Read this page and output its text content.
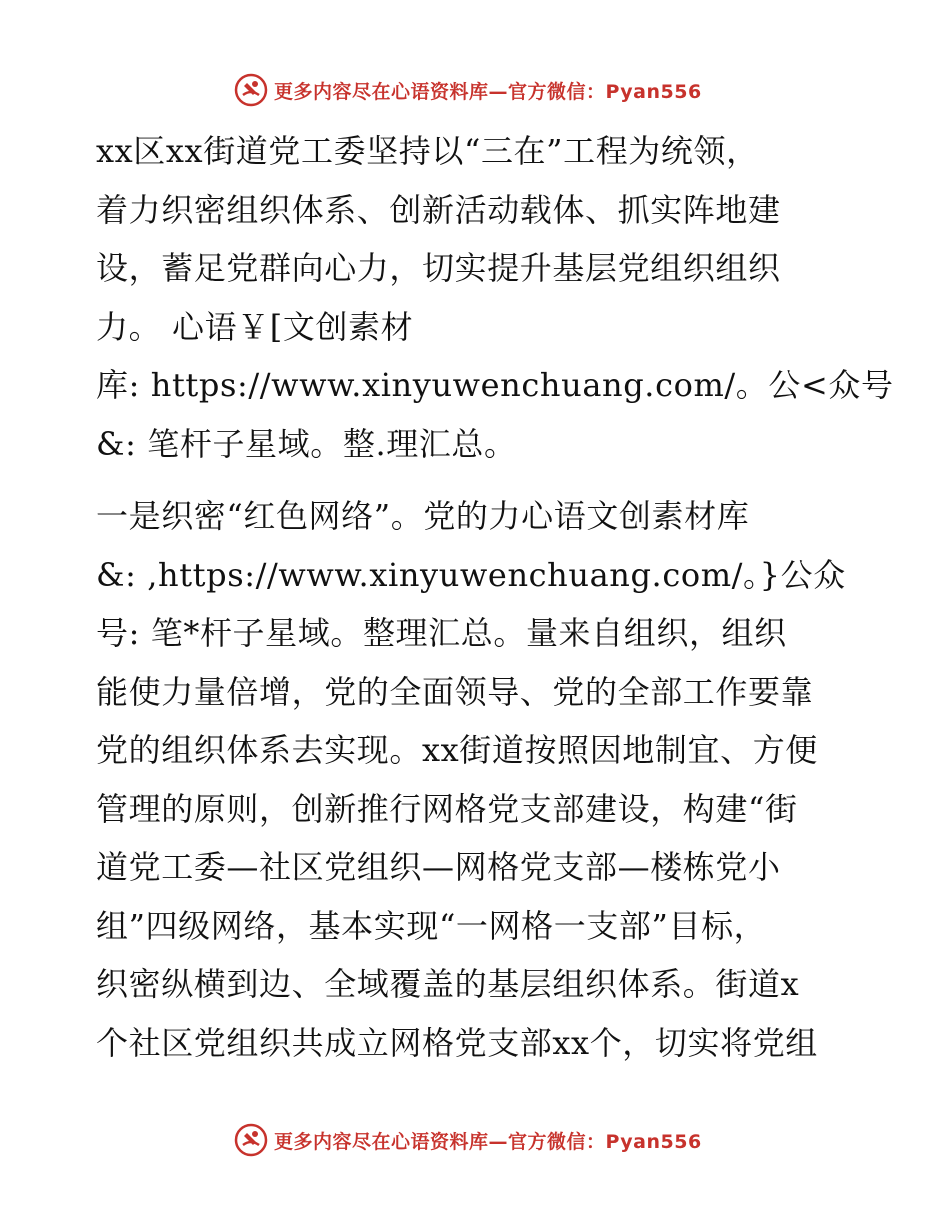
更多内容尽在心语资料库—官方微信：Pyan556
xx区xx街道党工委坚持以“三在”工程为统领，
着力织密组织体系、创新活动载体、抓实阵地建
设，蓄足党群向心力，切实提升基层党组织组织
力。 心语￥[文创素材
库: https://www.xinyuwenchuang.com/。公<众号
&: 笔杆子星域。整.理汇总。
一是织密“红色网络”。党的力心语文创素材库
&: ,https://www.xinyuwenchuang.com/。}公众
号: 笔*杆子星域。整理汇总。量来自组织，组织
能使力量倍增，党的全面领导、党的全部工作要靠
党的组织体系去实现。xx街道按照因地制宜、方便
管理的原则，创新推行网格党支部建设，构建“街
道党工委—社区党组织—网格党支部—楼栋党小
组”四级网络，基本实现“一网格一支部”目标，
织密纵横到边、全域覆盖的基层组织体系。街道x
个社区党组织共成立网格党支部xx个，切实将党组
更多内容尽在心语资料库—官方微信：Pyan556
